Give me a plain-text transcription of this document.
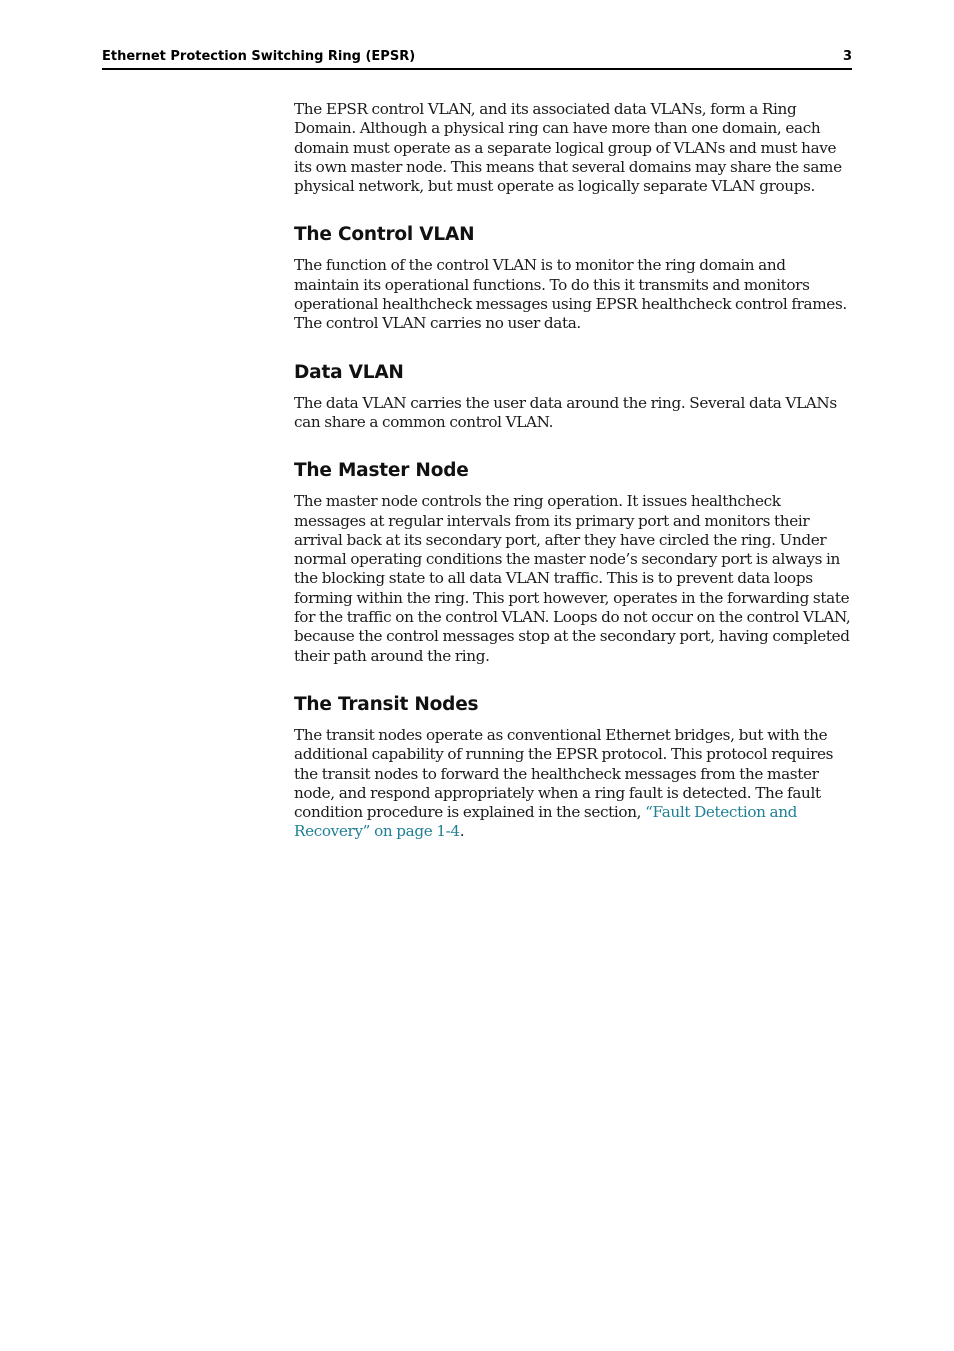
Ethernet Protection Switching Ring (EPSR)	3

The EPSR control VLAN, and its associated data VLANs, form a Ring Domain. Although a physical ring can have more than one domain, each domain must operate as a separate logical group of VLANs and must have its own master node. This means that several domains may share the same physical network, but must operate as logically separate VLAN groups.

The Control VLAN

The function of the control VLAN is to monitor the ring domain and maintain its operational functions. To do this it transmits and monitors operational healthcheck messages using EPSR healthcheck control frames. The control VLAN carries no user data.

Data VLAN

The data VLAN carries the user data around the ring. Several data VLANs can share a common control VLAN.

The Master Node

The master node controls the ring operation. It issues healthcheck messages at regular intervals from its primary port and monitors their arrival back at its secondary port, after they have circled the ring. Under normal operating conditions the master node’s secondary port is always in the blocking state to all data VLAN traffic. This is to prevent data loops forming within the ring. This port however, operates in the forwarding state for the traffic on the control VLAN. Loops do not occur on the control VLAN, because the control messages stop at the secondary port, having completed their path around the ring.

The Transit Nodes

The transit nodes operate as conventional Ethernet bridges, but with the additional capability of running the EPSR protocol. This protocol requires the transit nodes to forward the healthcheck messages from the master node, and respond appropriately when a ring fault is detected. The fault condition procedure is explained in the section, “Fault Detection and Recovery” on page 1-4.
